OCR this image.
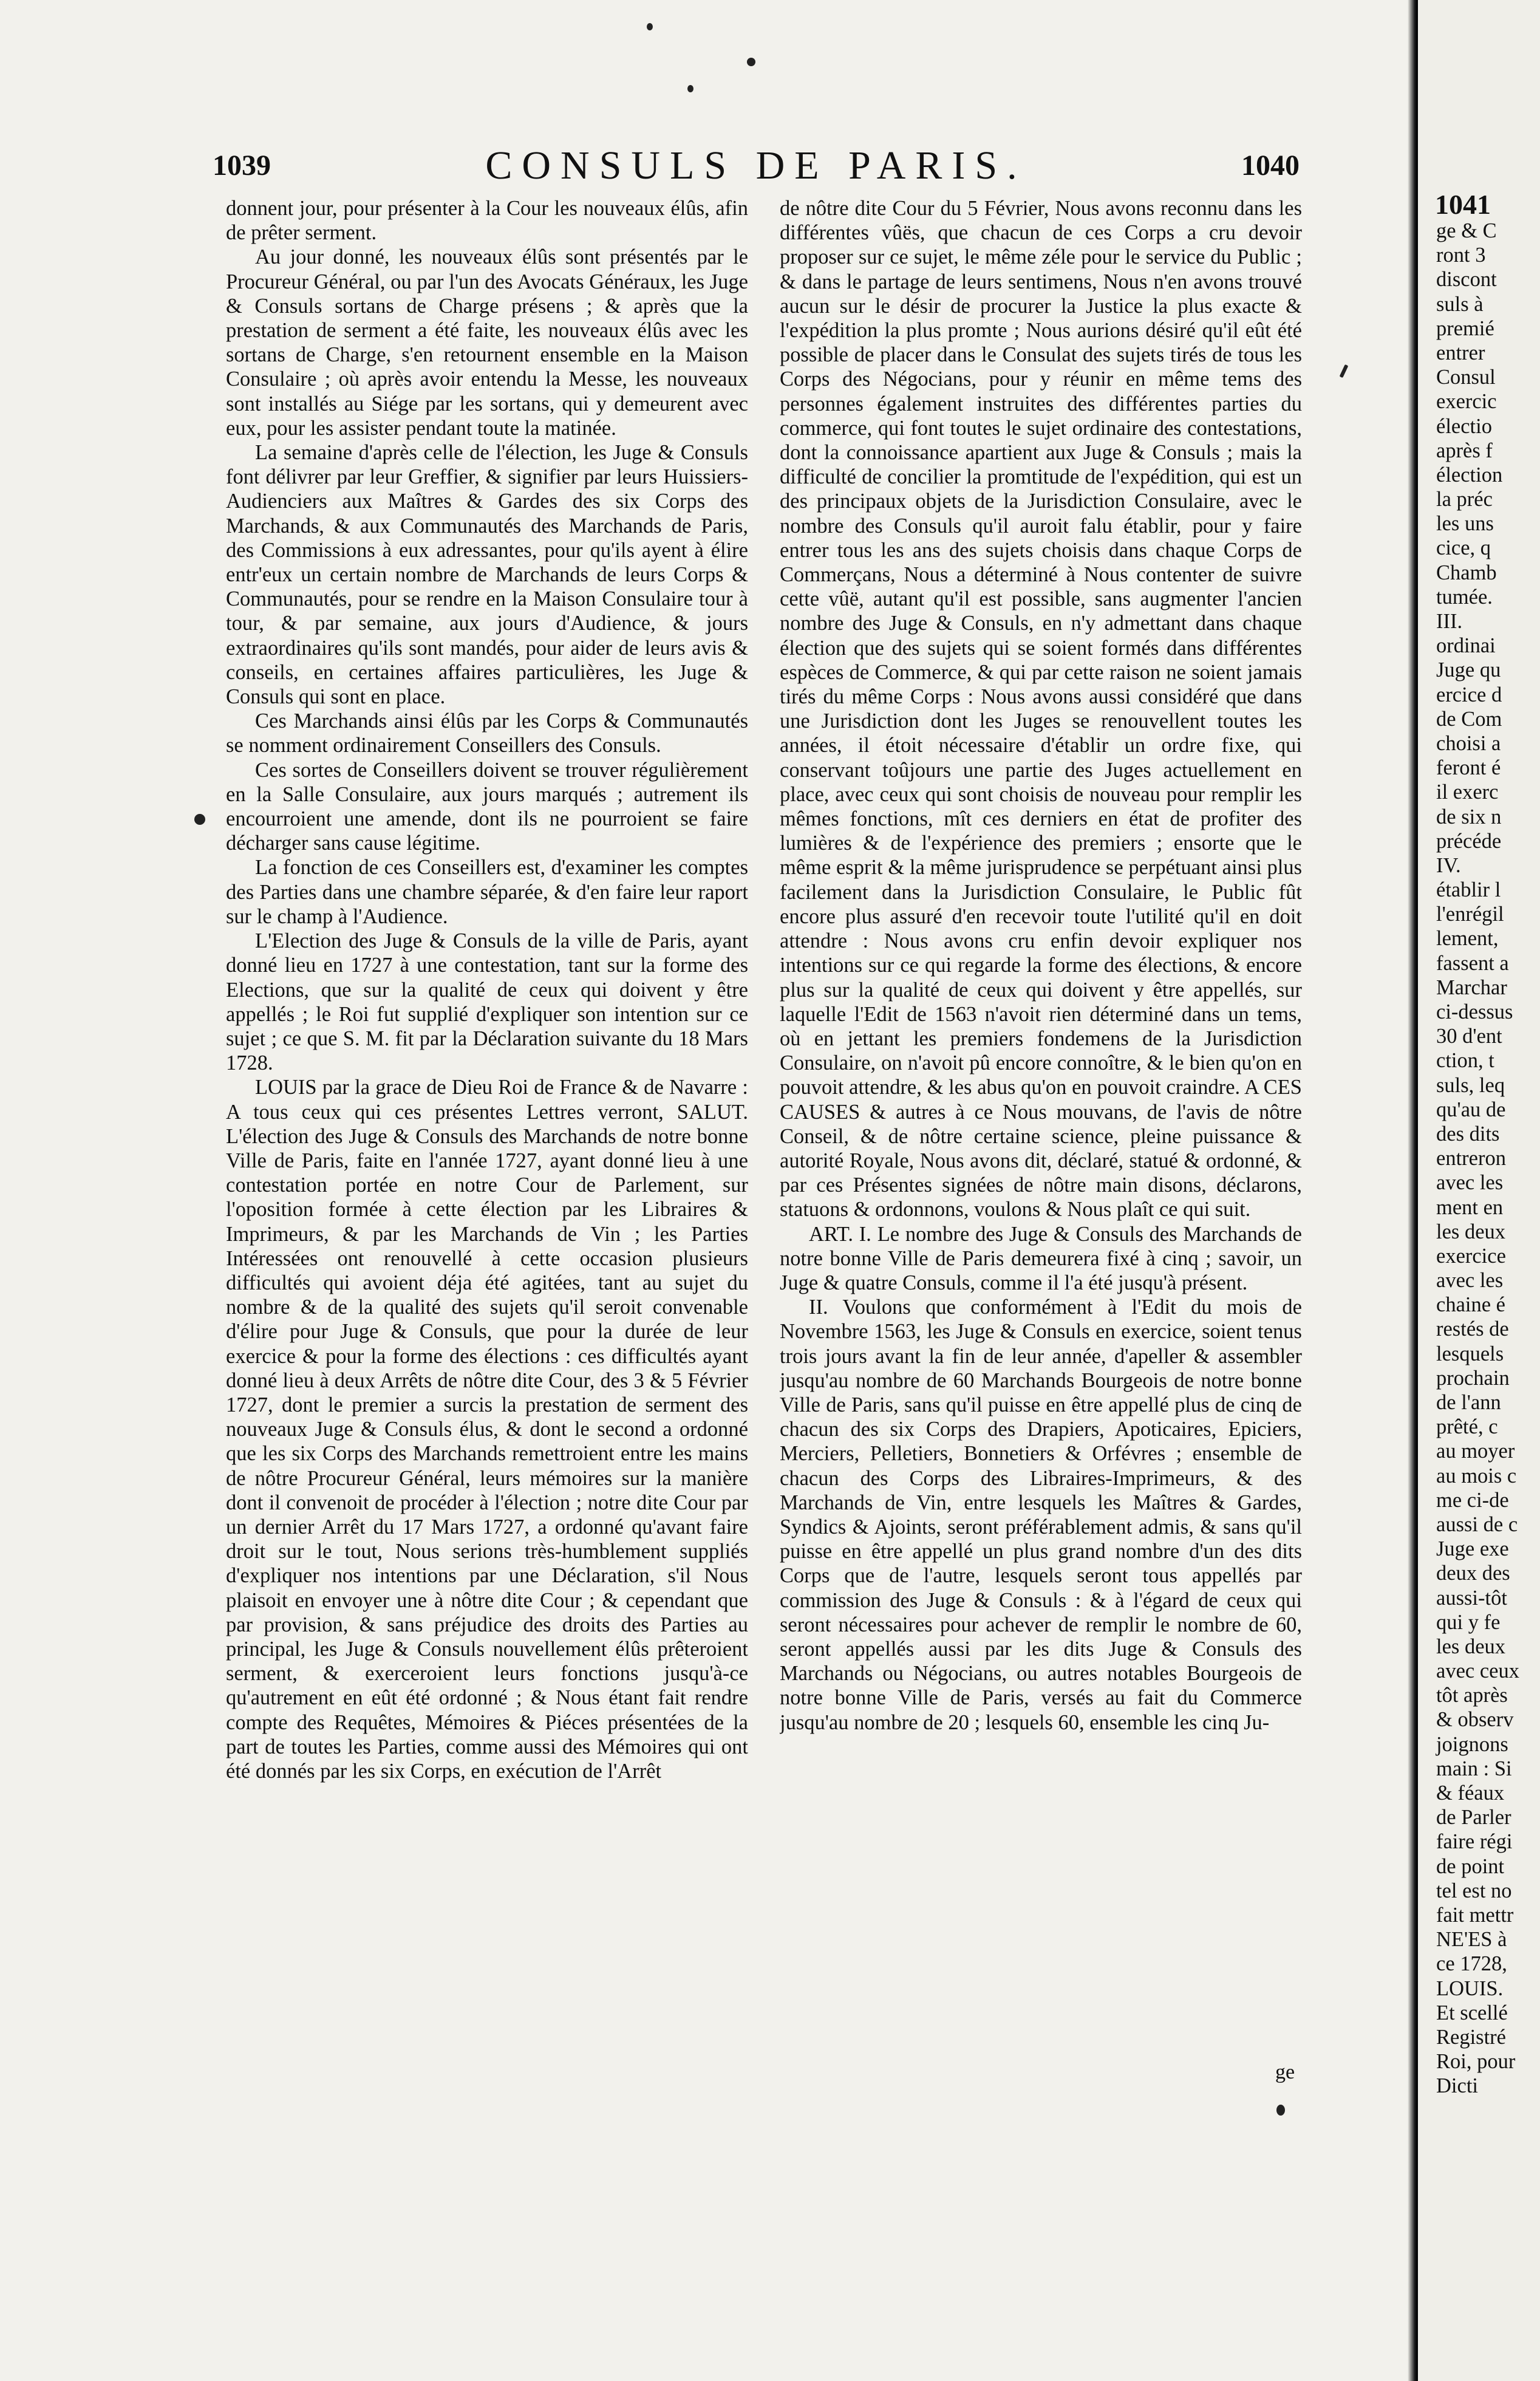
1039	CONSULS DE PARIS.	1040

donnent jour, pour présenter à la Cour les nouveaux élûs, afin de prêter serment.

Au jour donné, les nouveaux élûs sont présentés par le Procureur Général, ou par l'un des Avocats Généraux, les Juge & Consuls sortans de Charge présens ; & après que la prestation de serment a été faite, les nouveaux élûs avec les sortans de Charge, s'en retournent ensemble en la Maison Consulaire ; où après avoir entendu la Messe, les nouveaux sont installés au Siége par les sortans, qui y demeurent avec eux, pour les assister pendant toute la matinée.

La semaine d'après celle de l'élection, les Juge & Consuls font délivrer par leur Greffier, & signifier par leurs Huissiers-Audienciers aux Maîtres & Gardes des six Corps des Marchands, & aux Communautés des Marchands de Paris, des Commissions à eux adressantes, pour qu'ils ayent à élire entr'eux un certain nombre de Marchands de leurs Corps & Communautés, pour se rendre en la Maison Consulaire tour à tour, & par semaine, aux jours d'Audience, & jours extraordinaires qu'ils sont mandés, pour aider de leurs avis & conseils, en certaines affaires particulières, les Juge & Consuls qui sont en place.

Ces Marchands ainsi élûs par les Corps & Communautés se nomment ordinairement Conseillers des Consuls.

Ces sortes de Conseillers doivent se trouver régulièrement en la Salle Consulaire, aux jours marqués ; autrement ils encourroient une amende, dont ils ne pourroient se faire décharger sans cause légitime.

La fonction de ces Conseillers est, d'examiner les comptes des Parties dans une chambre séparée, & d'en faire leur raport sur le champ à l'Audience.

L'Election des Juge & Consuls de la ville de Paris, ayant donné lieu en 1727 à une contestation, tant sur la forme des Elections, que sur la qualité de ceux qui doivent y être appellés ; le Roi fut supplié d'expliquer son intention sur ce sujet ; ce que S. M. fit par la Déclaration suivante du 18 Mars 1728.

LOUIS par la grace de Dieu Roi de France & de Navarre : A tous ceux qui ces présentes Lettres verront, SALUT. L'élection des Juge & Consuls des Marchands de notre bonne Ville de Paris, faite en l'année 1727, ayant donné lieu à une contestation portée en notre Cour de Parlement, sur l'oposition formée à cette élection par les Libraires & Imprimeurs, & par les Marchands de Vin ; les Parties Intéressées ont renouvellé à cette occasion plusieurs difficultés qui avoient déja été agitées, tant au sujet du nombre & de la qualité des sujets qu'il seroit convenable d'élire pour Juge & Consuls, que pour la durée de leur exercice & pour la forme des élections : ces difficultés ayant donné lieu à deux Arrêts de nôtre dite Cour, des 3 & 5 Février 1727, dont le premier a surcis la prestation de serment des nouveaux Juge & Consuls élus, & dont le second a ordonné que les six Corps des Marchands remettroient entre les mains de nôtre Procureur Général, leurs mémoires sur la manière dont il convenoit de procéder à l'élection ; notre dite Cour par un dernier Arrêt du 17 Mars 1727, a ordonné qu'avant faire droit sur le tout, Nous serions très-humblement suppliés d'expliquer nos intentions par une Déclaration, s'il Nous plaisoit en envoyer une à nôtre dite Cour ; & cependant que par provision, & sans préjudice des droits des Parties au principal, les Juge & Consuls nouvellement élûs prêteroient serment, & exerceroient leurs fonctions jusqu'à-ce qu'autrement en eût été ordonné ; & Nous étant fait rendre compte des Requêtes, Mémoires & Piéces présentées de la part de toutes les Parties, comme aussi des Mémoires qui ont été donnés par les six Corps, en exécution de l'Arrêt

de nôtre dite Cour du 5 Février, Nous avons reconnu dans les différentes vûës, que chacun de ces Corps a cru devoir proposer sur ce sujet, le même zéle pour le service du Public ; & dans le partage de leurs sentimens, Nous n'en avons trouvé aucun sur le désir de procurer la Justice la plus exacte & l'expédition la plus promte ; Nous aurions désiré qu'il eût été possible de placer dans le Consulat des sujets tirés de tous les Corps des Négocians, pour y réunir en même tems des personnes également instruites des différentes parties du commerce, qui font toutes le sujet ordinaire des contestations, dont la connoissance apartient aux Juge & Consuls ; mais la difficulté de concilier la promtitude de l'expédition, qui est un des principaux objets de la Jurisdiction Consulaire, avec le nombre des Consuls qu'il auroit falu établir, pour y faire entrer tous les ans des sujets choisis dans chaque Corps de Commerçans, Nous a déterminé à Nous contenter de suivre cette vûë, autant qu'il est possible, sans augmenter l'ancien nombre des Juge & Consuls, en n'y admettant dans chaque élection que des sujets qui se soient formés dans différentes espèces de Commerce, & qui par cette raison ne soient jamais tirés du même Corps : Nous avons aussi considéré que dans une Jurisdiction dont les Juges se renouvellent toutes les années, il étoit nécessaire d'établir un ordre fixe, qui conservant toûjours une partie des Juges actuellement en place, avec ceux qui sont choisis de nouveau pour remplir les mêmes fonctions, mît ces derniers en état de profiter des lumières & de l'expérience des premiers ; ensorte que le même esprit & la même jurisprudence se perpétuant ainsi plus facilement dans la Jurisdiction Consulaire, le Public fût encore plus assuré d'en recevoir toute l'utilité qu'il en doit attendre : Nous avons cru enfin devoir expliquer nos intentions sur ce qui regarde la forme des élections, & encore plus sur la qualité de ceux qui doivent y être appellés, sur laquelle l'Edit de 1563 n'avoit rien déterminé dans un tems, où en jettant les premiers fondemens de la Jurisdiction Consulaire, on n'avoit pû encore connoître, & le bien qu'on en pouvoit attendre, & les abus qu'on en pouvoit craindre. A CES CAUSES & autres à ce Nous mouvans, de l'avis de nôtre Conseil, & de nôtre certaine science, pleine puissance & autorité Royale, Nous avons dit, déclaré, statué & ordonné, & par ces Présentes signées de nôtre main disons, déclarons, statuons & ordonnons, voulons & Nous plaît ce qui suit.

ART. I. Le nombre des Juge & Consuls des Marchands de notre bonne Ville de Paris demeurera fixé à cinq ; savoir, un Juge & quatre Consuls, comme il l'a été jusqu'à présent.

II. Voulons que conformément à l'Edit du mois de Novembre 1563, les Juge & Consuls en exercice, soient tenus trois jours avant la fin de leur année, d'apeller & assembler jusqu'au nombre de 60 Marchands Bourgeois de notre bonne Ville de Paris, sans qu'il puisse en être appellé plus de cinq de chacun des six Corps des Drapiers, Apoticaires, Epiciers, Merciers, Pelletiers, Bonnetiers & Orfévres ; ensemble de chacun des Corps des Libraires-Imprimeurs, & des Marchands de Vin, entre lesquels les Maîtres & Gardes, Syndics & Ajoints, seront préférablement admis, & sans qu'il puisse en être appellé un plus grand nombre d'un des dits Corps que de l'autre, lesquels seront tous appellés par commission des Juge & Consuls : & à l'égard de ceux qui seront nécessaires pour achever de remplir le nombre de 60, seront appellés aussi par les dits Juge & Consuls des Marchands ou Négocians, ou autres notables Bourgeois de notre bonne Ville de Paris, versés au fait du Commerce jusqu'au nombre de 20 ; lesquels 60, ensemble les cinq Ju-

ge
1041
ge & C
ront 3
discont
suls à
premié
entrer
Consul
exercic
électio
après f
élection
la préc
les uns
cice, q
Chamb
tumée.
III.
ordinai
Juge qu
ercice d
de Com
choisi a
feront é
il exerc
de six n
précéde
IV.
établir l
l'enrégil
lement,
fassent a
Marchar
ci-dessus
30 d'ent
ction, t
suls, leq
qu'au de
des dits
entreron
avec les
ment en
les deux
exercice
avec les
chaine é
restés de
lesquels
prochain
de l'ann
prêté, c
au moyer
au mois c
me ci-de
aussi de c
Juge exe
deux des
aussi-tôt
qui y fe
les deux
avec ceux
tôt après
& observ
joignons
main : Si
& féaux
de Parler
faire régi
de point
tel est no
fait mettr
NE'ES à
ce 1728,
LOUIS.
Et scellé
Registré
Roi, pour
Dicti
